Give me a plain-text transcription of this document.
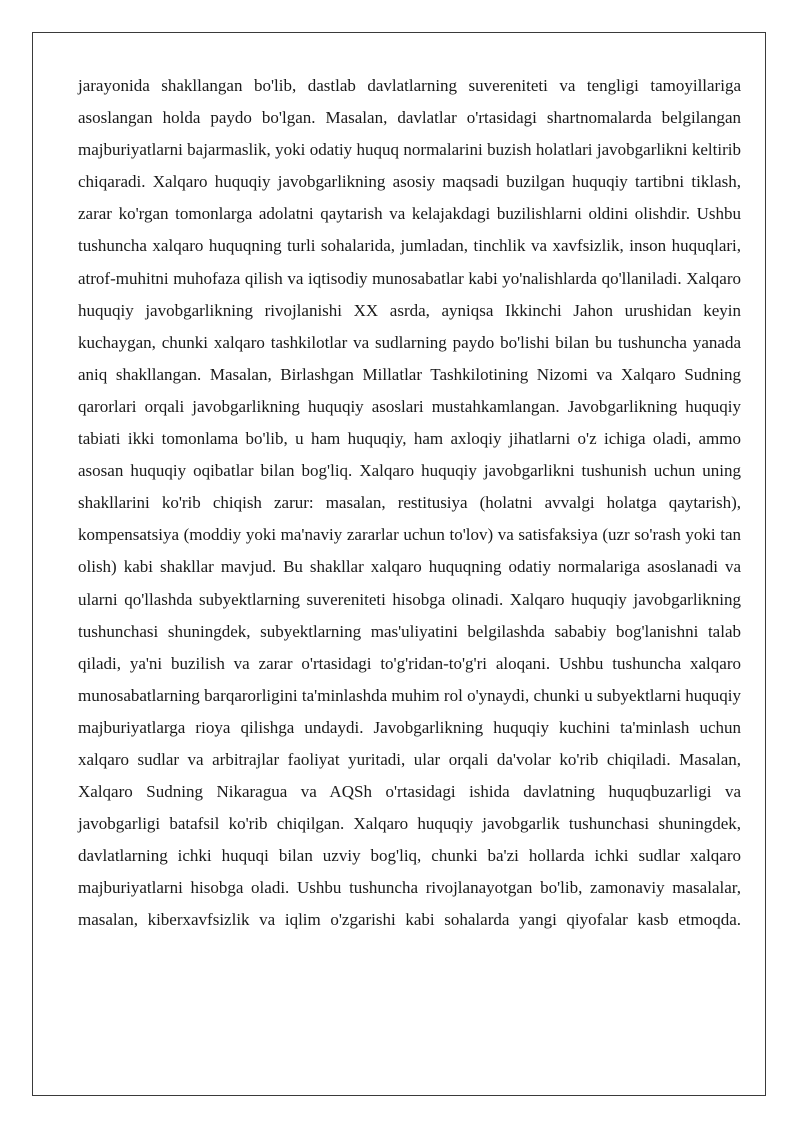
jarayonida shakllangan bo'lib, dastlab davlatlarning suvereniteti va tengligi tamoyillariga asoslangan holda paydo bo'lgan. Masalan, davlatlar o'rtasidagi shartnomalarda belgilangan majburiyatlarni bajarmaslik, yoki odatiy huquq normalarini buzish holatlari javobgarlikni keltirib chiqaradi. Xalqaro huquqiy javobgarlikning asosiy maqsadi buzilgan huquqiy tartibni tiklash, zarar ko'rgan tomonlarga adolatni qaytarish va kelajakdagi buzilishlarni oldini olishdir. Ushbu tushuncha xalqaro huquqning turli sohalarida, jumladan, tinchlik va xavfsizlik, inson huquqlari, atrof-muhitni muhofaza qilish va iqtisodiy munosabatlar kabi yo'nalishlarda qo'llaniladi. Xalqaro huquqiy javobgarlikning rivojlanishi XX asrda, ayniqsa Ikkinchi Jahon urushidan keyin kuchaygan, chunki xalqaro tashkilotlar va sudlarning paydo bo'lishi bilan bu tushuncha yanada aniq shakllangan. Masalan, Birlashgan Millatlar Tashkilotining Nizomi va Xalqaro Sudning qarorlari orqali javobgarlikning huquqiy asoslari mustahkamlangan. Javobgarlikning huquqiy tabiati ikki tomonlama bo'lib, u ham huquqiy, ham axloqiy jihatlarni o'z ichiga oladi, ammo asosan huquqiy oqibatlar bilan bog'liq. Xalqaro huquqiy javobgarlikni tushunish uchun uning shakllarini ko'rib chiqish zarur: masalan, restitusiya (holatni avvalgi holatga qaytarish), kompensatsiya (moddiy yoki ma'naviy zararlar uchun to'lov) va satisfaksiya (uzr so'rash yoki tan olish) kabi shakllar mavjud. Bu shakllar xalqaro huquqning odatiy normalariga asoslanadi va ularni qo'llashda subyektlarning suvereniteti hisobga olinadi. Xalqaro huquqiy javobgarlikning tushunchasi shuningdek, subyektlarning mas'uliyatini belgilashda sababiy bog'lanishni talab qiladi, ya'ni buzilish va zarar o'rtasidagi to'g'ridan-to'g'ri aloqani. Ushbu tushuncha xalqaro munosabatlarning barqarorligini ta'minlashda muhim rol o'ynaydi, chunki u subyektlarni huquqiy majburiyatlarga rioya qilishga undaydi. Javobgarlikning huquqiy kuchini ta'minlash uchun xalqaro sudlar va arbitrajlar faoliyat yuritadi, ular orqali da'volar ko'rib chiqiladi. Masalan, Xalqaro Sudning Nikaragua va AQSh o'rtasidagi ishida davlatning huquqbuzarligi va javobgarligi batafsil ko'rib chiqilgan. Xalqaro huquqiy javobgarlik tushunchasi shuningdek, davlatlarning ichki huquqi bilan uzviy bog'liq, chunki ba'zi hollarda ichki sudlar xalqaro majburiyatlarni hisobga oladi. Ushbu tushuncha rivojlanayotgan bo'lib, zamonaviy masalalar, masalan, kiberxavfsizlik va iqlim o'zgarishi kabi sohalarda yangi qiyofalar kasb etmoqda.
